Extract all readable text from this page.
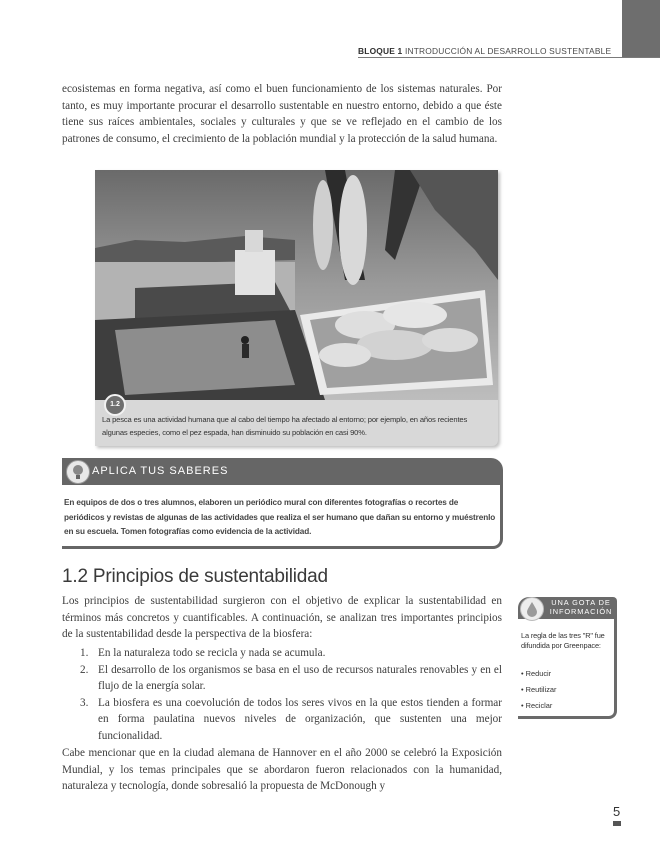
BLOQUE 1 INTRODUCCIÓN AL DESARROLLO SUSTENTABLE

ecosistemas en forma negativa, así como el buen funcionamiento de los sistemas naturales. Por tanto, es muy importante procurar el desarrollo sustentable en nuestro entorno, debido a que éste tiene sus raíces ambientales, sociales y culturales y que se ve reflejado en el cambio de los patrones de consumo, el crecimiento de la población mundial y la protección de la salud humana.

1.2

La pesca es una actividad humana que al cabo del tiempo ha afectado al entorno; por ejemplo, en años recientes algunas especies, como el pez espada, han disminuido su población en casi 90%.

APLICA TUS SABERES

En equipos de dos o tres alumnos, elaboren un periódico mural con diferentes fotografías o recortes de periódicos y revistas de algunas de las actividades que realiza el ser humano que dañan su entorno y muéstrenlo en su escuela. Tomen fotografías como evidencia de la actividad.

1.2 Principios de sustentabilidad

Los principios de sustentabilidad surgieron con el objetivo de explicar la sustentabilidad en términos más concretos y cuantificables. A continuación, se analizan tres importantes principios de la sustentabilidad desde la perspectiva de la biosfera:

1. En la naturaleza todo se recicla y nada se acumula.
2. El desarrollo de los organismos se basa en el uso de recursos naturales renovables y en el flujo de la energía solar.
3. La biosfera es una coevolución de todos los seres vivos en la que estos tienden a formar en forma paulatina nuevos niveles de organización, que sustenten una mejor funcionalidad.

Cabe mencionar que en la ciudad alemana de Hannover en el año 2000 se celebró la Exposición Mundial, y los temas principales que se abordaron fueron relacionados con la humanidad, naturaleza y tecnología, donde sobresalió la propuesta de McDonough y

UNA GOTA DE INFORMACIÓN

La regla de las tres "R" fue difundida por Greenpace:

• Reducir
• Reutilizar
• Reciclar
5
